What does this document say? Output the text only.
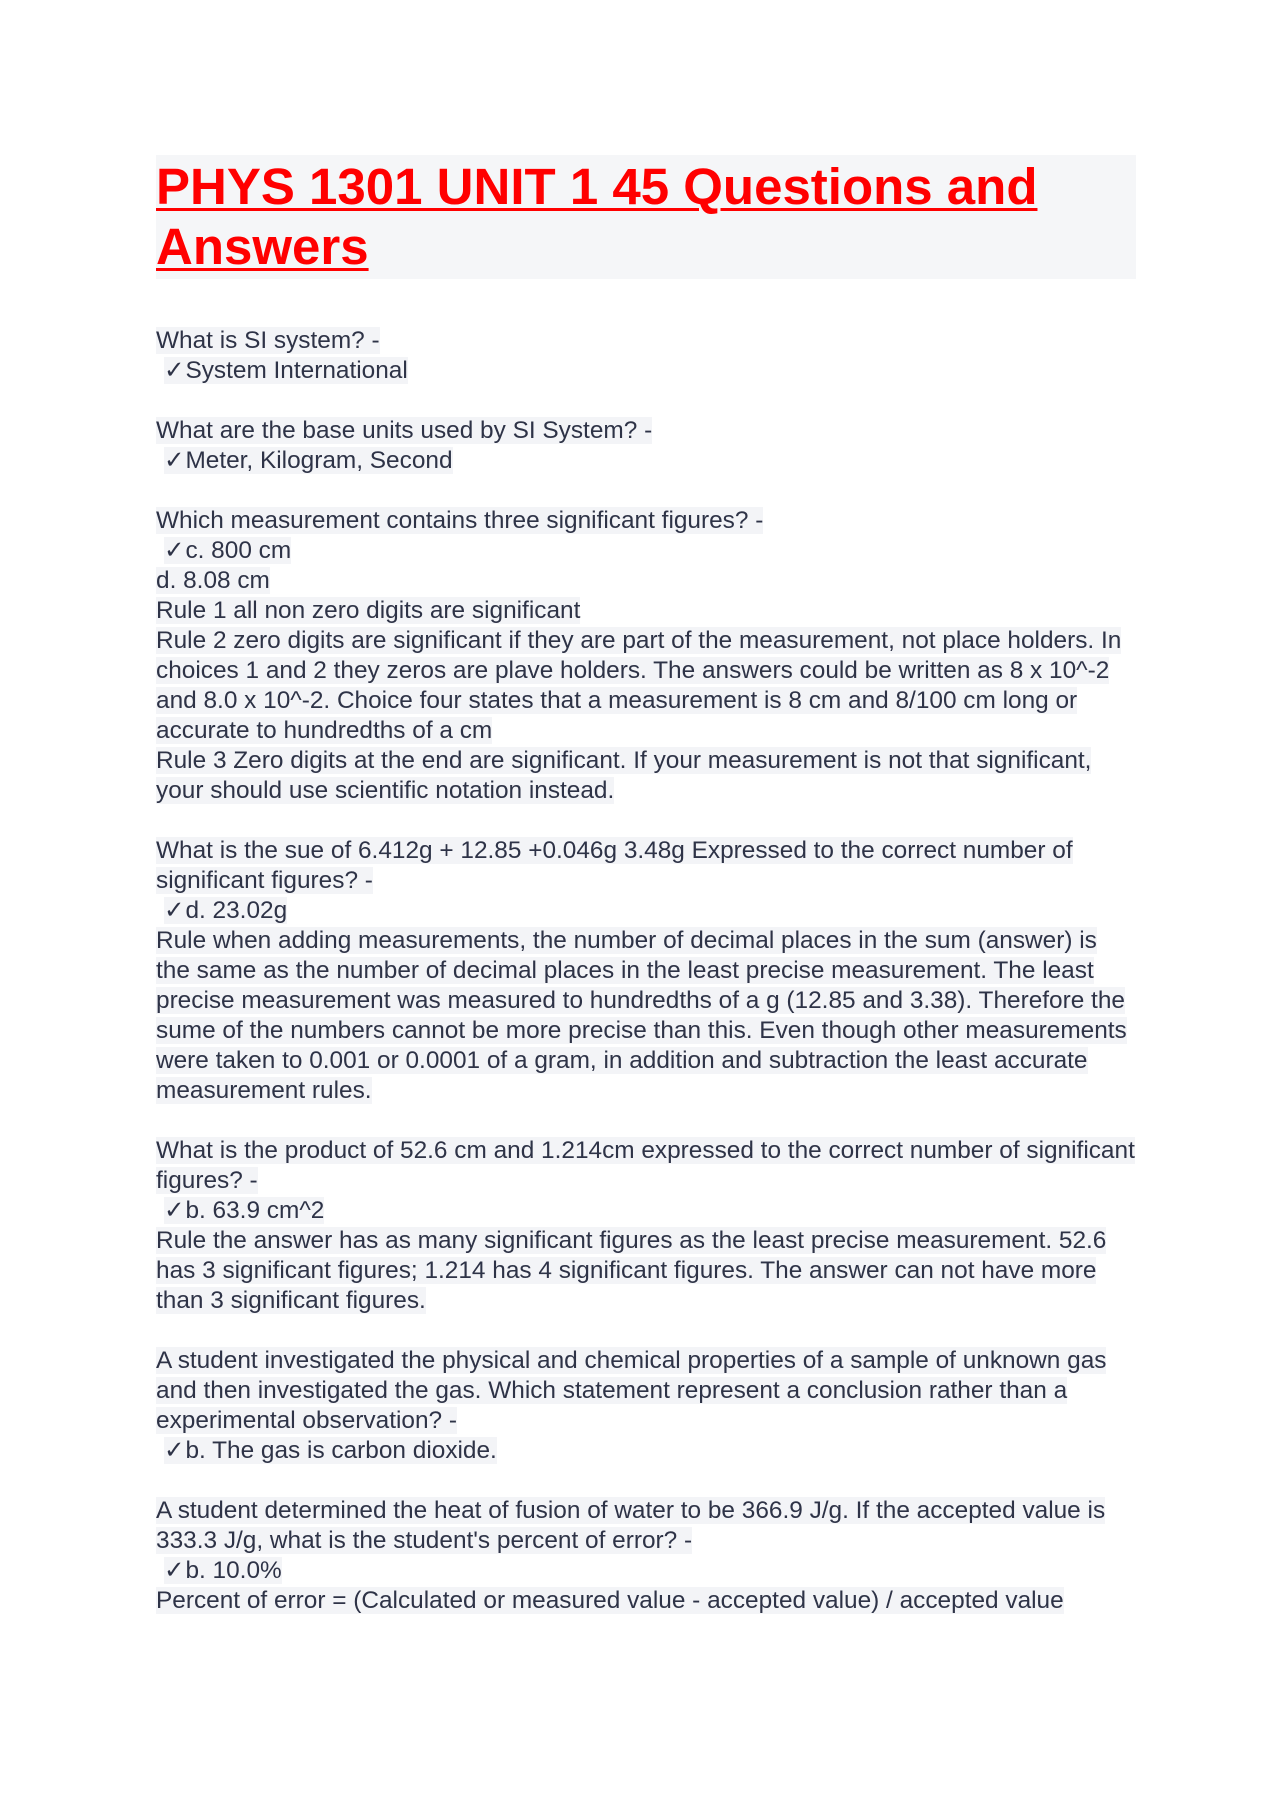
PHYS 1301 UNIT 1 45 Questions and Answers
What is SI system? -
✓System International
What are the base units used by SI System? -
✓Meter, Kilogram, Second
Which measurement contains three significant figures? -
✓c. 800 cm
d. 8.08 cm
Rule 1 all non zero digits are significant
Rule 2 zero digits are significant if they are part of the measurement, not place holders. In choices 1 and 2 they zeros are plave holders. The answers could be written as 8 x 10^-2 and 8.0 x 10^-2. Choice four states that a measurement is 8 cm and 8/100 cm long or accurate to hundredths of a cm
Rule 3 Zero digits at the end are significant. If your measurement is not that significant, your should use scientific notation instead.
What is the sue of 6.412g + 12.85 +0.046g 3.48g Expressed to the correct number of significant figures? -
✓d. 23.02g
Rule when adding measurements, the number of decimal places in the sum (answer) is the same as the number of decimal places in the least precise measurement. The least precise measurement was measured to hundredths of a g (12.85 and 3.38). Therefore the sume of the numbers cannot be more precise than this. Even though other measurements were taken to 0.001 or 0.0001 of a gram, in addition and subtraction the least accurate measurement rules.
What is the product of 52.6 cm and 1.214cm expressed to the correct number of significant figures? -
✓b. 63.9 cm^2
Rule the answer has as many significant figures as the least precise measurement. 52.6 has 3 significant figures; 1.214 has 4 significant figures. The answer can not have more than 3 significant figures.
A student investigated the physical and chemical properties of a sample of unknown gas and then investigated the gas. Which statement represent a conclusion rather than a experimental observation? -
✓b. The gas is carbon dioxide.
A student determined the heat of fusion of water to be 366.9 J/g. If the accepted value is 333.3 J/g, what is the student's percent of error? -
✓b. 10.0%
Percent of error = (Calculated or measured value - accepted value) / accepted value
